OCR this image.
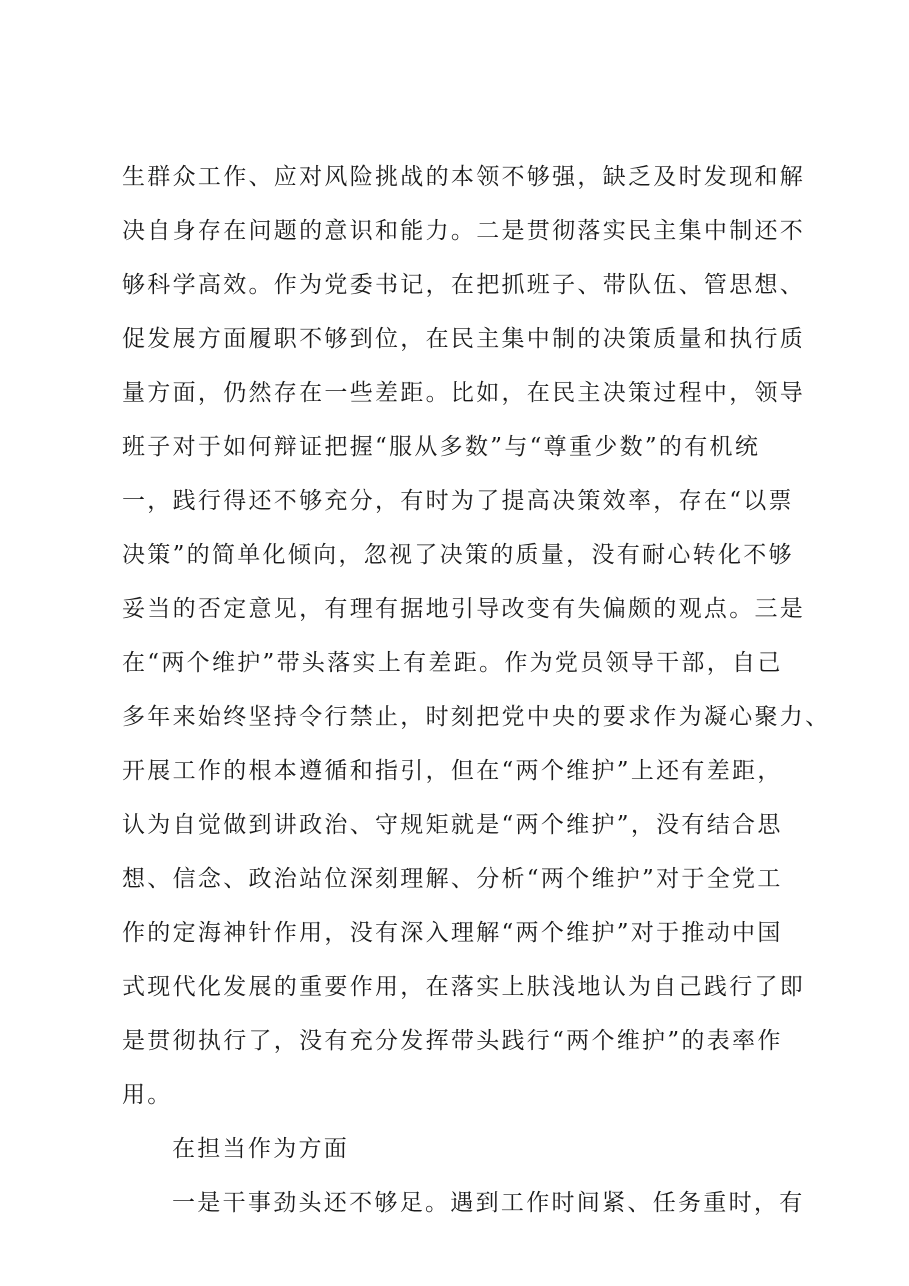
生群众工作、应对风险挑战的本领不够强，缺乏及时发现和解
决自身存在问题的意识和能力。二是贯彻落实民主集中制还不
够科学高效。作为党委书记，在把抓班子、带队伍、管思想、
促发展方面履职不够到位，在民主集中制的决策质量和执行质
量方面，仍然存在一些差距。比如，在民主决策过程中，领导
班子对于如何辩证把握“服从多数”与“尊重少数”的有机统
一，践行得还不够充分，有时为了提高决策效率，存在“以票
决策”的简单化倾向，忽视了决策的质量，没有耐心转化不够
妥当的否定意见，有理有据地引导改变有失偏颇的观点。三是
在“两个维护”带头落实上有差距。作为党员领导干部，自己
多年来始终坚持令行禁止，时刻把党中央的要求作为凝心聚力、
开展工作的根本遵循和指引，但在“两个维护”上还有差距，
认为自觉做到讲政治、守规矩就是“两个维护”，没有结合思
想、信念、政治站位深刻理解、分析“两个维护”对于全党工
作的定海神针作用，没有深入理解“两个维护”对于推动中国
式现代化发展的重要作用，在落实上肤浅地认为自己践行了即
是贯彻执行了，没有充分发挥带头践行“两个维护”的表率作
用。
在担当作为方面
一是干事劲头还不够足。遇到工作时间紧、任务重时，有
